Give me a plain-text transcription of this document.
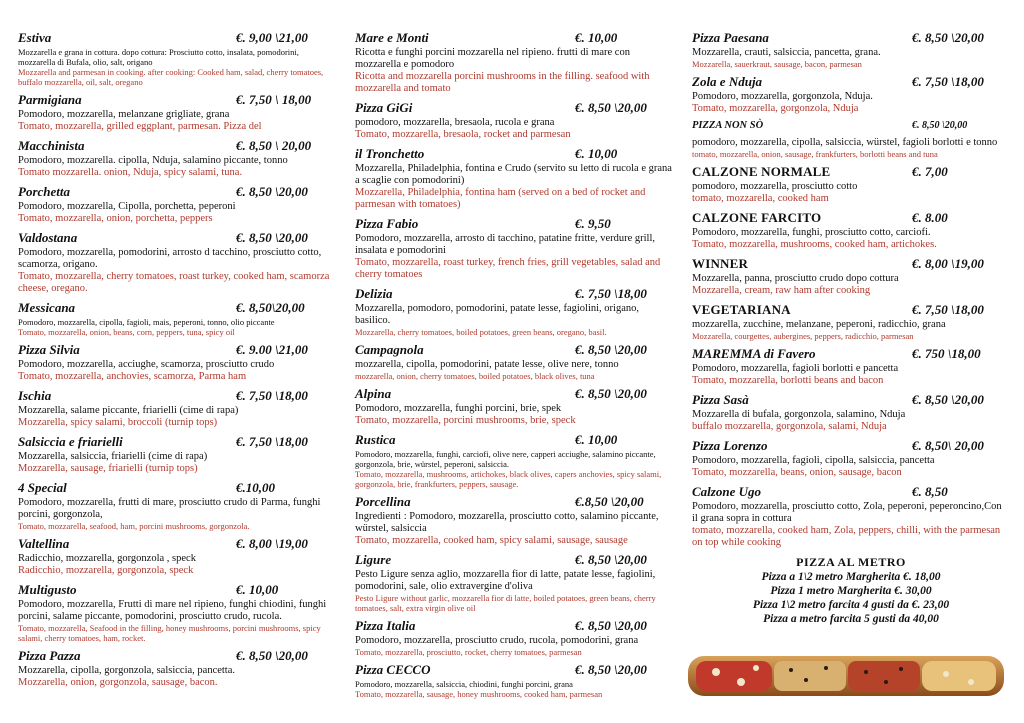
Estiva	€. 9,00 \21,00
Mozzarella e grana in cottura. dopo cottura: Prosciutto cotto, insalata, pomodorini, mozzarella di Bufala, olio, salt, origano
Mozzarella and parmesan in cooking. after cooking: Cooked ham, salad, cherry tomatoes, buffalo mozzarella, oil, salt, oregano
Parmigiana	€. 7,50 \ 18,00
Pomodoro, mozzarella, melanzane grigliate, grana
Tomato, mozzarella, grilled eggplant, parmesan. Pizza del
Macchinista	€. 8,50 \ 20,00
Pomodoro, mozzarella. cipolla, Nduja, salamino piccante, tonno
Tomato mozzarella. onion, Nduja, spicy salami, tuna.
Porchetta	€. 8,50 \20,00
Pomodoro, mozzarella, Cipolla, porchetta, peperoni
Tomato, mozzarella, onion, porchetta, peppers
Valdostana	€. 8,50 \20,00
Pomodoro, mozzarella, pomodorini, arrosto d tacchino, prosciutto cotto, scamorza, origano.
Tomato, mozzarella, cherry tomatoes, roast turkey, cooked ham, scamorza cheese, oregano.
Messicana	€. 8,50\20,00
Pomodoro, mozzarella, cipolla, fagioli, mais, peperoni, tonno, olio piccante
Tomato, mozzarella, onion, beans, corn, peppers, tuna, spicy oil
Pizza Silvia	€. 9.00 \21,00
Pomodoro, mozzarella, acciughe, scamorza, prosciutto crudo
Tomato, mozzarella, anchovies, scamorza, Parma ham
Ischia	€. 7,50 \18,00
Mozzarella, salame piccante, friarielli (cime di rapa)
Mozzarella, spicy salami, broccoli (turnip tops)
Salsiccia e friarielli	€. 7,50 \18,00
Mozzarella, salsiccia, friarielli (cime di rapa)
Mozzarella, sausage, friarielli (turnip tops)
4 Special	€.10,00
Pomodoro, mozzarella, frutti di mare, prosciutto crudo di Parma, funghi porcini, gorgonzola,
Tomato, mozzarella, seafood, ham, porcini mushrooms, gorgonzola.
Valtellina	€. 8,00 \19,00
Radicchio, mozzarella, gorgonzola , speck
Radicchio, mozzarella, gorgonzola, speck
Multigusto	€. 10,00
Pomodoro, mozzarella, Frutti di mare nel ripieno, funghi chiodini, funghi porcini, salame piccante, pomodorini, prosciutto crudo, rucola.
Tomato, mozzarella, Seafood in the filling, honey mushrooms, porcini mushrooms, spicy salami, cherry tomatoes, ham, rocket.
Pizza Pazza	€. 8,50 \20,00
Mozzarella, cipolla, gorgonzola, salsiccia, pancetta.
Mozzarella, onion, gorgonzola, sausage, bacon.
Mare e Monti	€. 10,00
Ricotta e funghi porcini mozzarella nel ripieno. frutti di mare con mozzarella e pomodoro
Ricotta and mozzarella porcini mushrooms in the filling. seafood with mozzarella and tomato
Pizza GiGi	€. 8,50 \20,00
pomodoro, mozzarella, bresaola, rucola e grana
Tomato, mozzarella, bresaola, rocket and parmesan
il Tronchetto	€. 10,00
Mozzarella, Philadelphia, fontina e Crudo (servito su letto di rucola e grana a scaglie con pomodorini)
Mozzarella, Philadelphia, fontina ham (served on a bed of rocket and parmesan with tomatoes)
Pizza Fabio	€. 9,50
Pomodoro, mozzarella, arrosto di tacchino, patatine fritte, verdure grill, insalata e pomodorini
Tomato, mozzarella, roast turkey, french fries, grill vegetables, salad and cherry tomatoes
Delizia	€. 7,50 \18,00
Mozzarella, pomodoro, pomodorini, patate lesse, fagiolini, origano, basilico.
Mozzarella, cherry tomatoes, boiled potatoes, green beans, oregano, basil.
Campagnola	€. 8,50 \20,00
mozzarella, cipolla, pomodorini, patate lesse, olive nere, tonno
mozzarella, onion, cherry tomatoes, boiled potatoes, black olives, tuna
Alpina	€. 8,50 \20,00
Pomodoro, mozzarella, funghi porcini, brie, spek
Tomato, mozzarella, porcini mushrooms, brie, speck
Rustica	€. 10,00
Pomodoro, mozzarella, funghi, carciofi, olive nere, capperi acciughe, salamino piccante, gorgonzola, brie, würstel, peperoni, salsiccia.
Tomato, mozzarella, mushrooms, artichokes, black olives, capers anchovies, spicy salami, gorgonzola, brie, frankfurters, peppers, sausage.
Porcellina	€.8,50 \20,00
Ingredienti : Pomodoro, mozzarella, prosciutto cotto, salamino piccante, würstel, salsiccia
Tomato, mozzarella, cooked ham, spicy salami, sausage, sausage
Ligure	€. 8,50 \20,00
Pesto Ligure senza aglio, mozzarella fior di latte, patate lesse, fagiolini, pomodorini, sale, olio extravergine d'oliva
Pesto Ligure without garlic, mozzarella fior di latte, boiled potatoes, green beans, cherry tomatoes, salt, extra virgin olive oil
Pizza Italia	€. 8,50 \20,00
Pomodoro, mozzarella, prosciutto crudo, rucola, pomodorini, grana
Tomato, mozzarella, prosciutto, rocket, cherry tomatoes, parmesan
Pizza CECCO	€. 8,50 \20,00
Pomodoro, mozzarella, salsiccia, chiodini, funghi porcini, grana
Tomato, mozzarella, sausage, honey mushrooms, cooked ham, parmesan
Pizza Paesana	€. 8,50 \20,00
Mozzarella, crauti, salsiccia, pancetta, grana.
Mozzarella, sauerkraut, sausage, bacon, parmesan
Zola e Nduja	€. 7,50 \18,00
Pomodoro, mozzarella, gorgonzola, Nduja.
Tomato, mozzarella, gorgonzola, Nduja
PIZZA NON SÒ	€. 8,50 \20,00
pomodoro, mozzarella, cipolla, salsiccia, würstel, fagioli borlotti e tonno
tomato, mozzarella, onion, sausage, frankfurters, borlotti beans and tuna
CALZONE NORMALE	€. 7,00
pomodoro, mozzarella, prosciutto cotto
tomato, mozzarella, cooked ham
CALZONE FARCITO	€. 8.00
Pomodoro, mozzarella, funghi, prosciutto cotto, carciofi.
Tomato, mozzarella, mushrooms, cooked ham, artichokes.
WINNER	€. 8,00 \19,00
Mozzarella, panna, prosciutto crudo dopo cottura
Mozzarella, cream, raw ham after cooking
VEGETARIANA	€. 7,50 \18,00
mozzarella, zucchine, melanzane, peperoni, radicchio, grana
Mozzarella, courgettes, aubergines, peppers, radicchio, parmesan
MAREMMA di Favero	€. 750 \18,00
Pomodoro, mozzarella, fagioli borlotti e pancetta
Tomato, mozzarella, borlotti beans and bacon
Pizza Sasà	€. 8,50 \20,00
Mozzarella di bufala, gorgonzola, salamino, Nduja
buffalo mozzarella, gorgonzola, salami, Nduja
Pizza Lorenzo	€. 8,50\ 20,00
Pomodoro, mozzarella, fagioli, cipolla, salsiccia, pancetta
Tomato, mozzarella, beans, onion, sausage, bacon
Calzone Ugo	€. 8,50
Pomodoro, mozzarella, prosciutto cotto, Zola, peperoni, peperoncino,Con il grana sopra in cottura
tomato, mozzarella, cooked ham, Zola, peppers, chilli, with the parmesan on top while cooking
PIZZA AL METRO
Pizza a 1\2 metro Margherita €. 18,00
Pizza 1 metro Margherita €. 30,00
Pizza 1\2 metro farcita 4 gusti da €. 23,00
Pizza a metro farcita 5 gusti da 40,00
